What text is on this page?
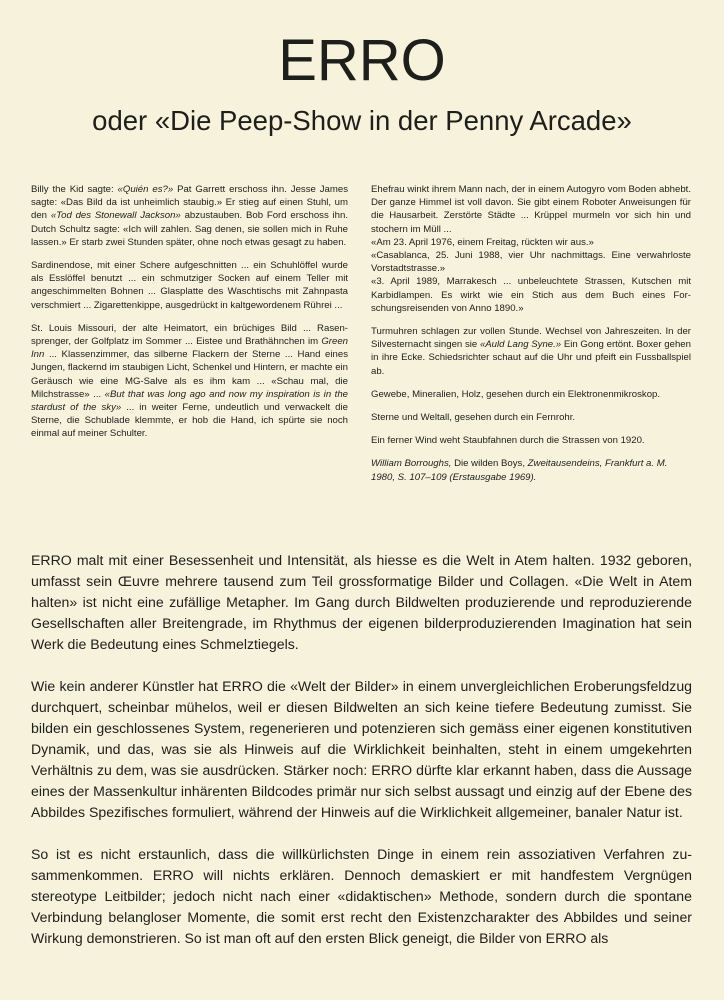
ERRO
oder «Die Peep-Show in der Penny Arcade»

Billy the Kid sagte: «Quién es?» Pat Garrett erschoss ihn. Jesse James sagte: «Das Bild da ist unheimlich staubig.» Er stieg auf einen Stuhl, um den «Tod des Stonewall Jackson» abzustauben. Bob Ford erschoss ihn. Dutch Schultz sagte: «Ich will zahlen. Sag denen, sie sollen mich in Ruhe lassen.» Er starb zwei Stunden später, ohne noch etwas gesagt zu haben.

Sardinendose, mit einer Schere aufgeschnitten ... ein Schuhlöffel wurde als Esslöffel benutzt ... ein schmutziger Socken auf einem Teller mit angeschimmelten Bohnen ... Glasplatte des Waschtischs mit Zahnpasta verschmiert ... Zigarettenkippe, ausgedrückt in kaltgewordenem Rührei ...

St. Louis Missouri, der alte Heimatort, ein brüchiges Bild ... Rasensprenger, der Golfplatz im Sommer ... Eistee und Brathähnchen im Green Inn ... Klassenzimmer, das silberne Flackern der Sterne ... Hand eines Jungen, flackernd im staubigen Licht, Schenkel und Hintern, er machte ein Geräusch wie eine MG-Salve als es ihm kam ... «Schau mal, die Milchstrasse» ... «But that was long ago and now my inspiration is in the stardust of the sky» ... in weiter Ferne, undeutlich und verwackelt die Sterne, die Schublade klemmte, er hob die Hand, ich spürte sie noch einmal auf meiner Schulter.

Ehefrau winkt ihrem Mann nach, der in einem Autogyro vom Boden abhebt. Der ganze Himmel ist voll davon. Sie gibt einem Roboter Anweisungen für die Hausarbeit. Zerstörte Städte ... Krüppel murmeln vor sich hin und stochern im Müll ...

«Am 23. April 1976, einem Freitag, rückten wir aus.»

«Casablanca, 25. Juni 1988, vier Uhr nachmittags. Eine verwahrloste Vorstadtstrasse.»

«3. April 1989, Marrakesch ... unbeleuchtete Strassen, Kutschen mit Karbidlampen. Es wirkt wie ein Stich aus dem Buch eines Forschungsreisenden von Anno 1890.»

Turmuhren schlagen zur vollen Stunde. Wechsel von Jahreszeiten. In der Silvesternacht singen sie «Auld Lang Syne.» Ein Gong ertönt. Boxer gehen in ihre Ecke. Schiedsrichter schaut auf die Uhr und pfeift ein Fussballspiel ab.

Gewebe, Mineralien, Holz, gesehen durch ein Elektronenmikroskop.

Sterne und Weltall, gesehen durch ein Fernrohr.

Ein ferner Wind weht Staubfahnen durch die Strassen von 1920.

William Borroughs, Die wilden Boys, Zweitausendeins, Frankfurt a. M. 1980, S. 107–109 (Erstausgabe 1969).

ERRO malt mit einer Besessenheit und Intensität, als hiesse es die Welt in Atem halten. 1932 geboren, umfasst sein Œuvre mehrere tausend zum Teil grossformatige Bilder und Collagen. «Die Welt in Atem halten» ist nicht eine zufällige Metapher. Im Gang durch Bildwelten produzierende und reproduzierende Gesellschaften aller Breitengrade, im Rhythmus der eigenen bilderproduzierenden Imagination hat sein Werk die Bedeutung eines Schmelztiegels.

Wie kein anderer Künstler hat ERRO die «Welt der Bilder» in einem unvergleichlichen Eroberungsfeldzug durchquert, scheinbar mühelos, weil er diesen Bildwelten an sich keine tiefere Bedeutung zumisst. Sie bilden ein geschlossenes System, regenerieren und potenzieren sich gemäss einer eigenen konstitutiven Dynamik, und das, was sie als Hinweis auf die Wirklichkeit beinhalten, steht in einem umgekehrten Verhältnis zu dem, was sie ausdrücken. Stärker noch: ERRO dürfte klar erkannt haben, dass die Aussage eines der Massenkultur inhärenten Bildcodes primär nur sich selbst aussagt und einzig auf der Ebene des Abbildes Spezifisches formuliert, während der Hinweis auf die Wirklichkeit allgemeiner, banaler Natur ist.

So ist es nicht erstaunlich, dass die willkürlichsten Dinge in einem rein assoziativen Verfahren zusammenkommen. ERRO will nichts erklären. Dennoch demaskiert er mit handfestem Vergnügen stereotype Leitbilder; jedoch nicht nach einer «didaktischen» Methode, sondern durch die spontane Verbindung belangloser Momente, die somit erst recht den Existenzcharakter des Abbildes und seiner Wirkung demonstrieren. So ist man oft auf den ersten Blick geneigt, die Bilder von ERRO als
